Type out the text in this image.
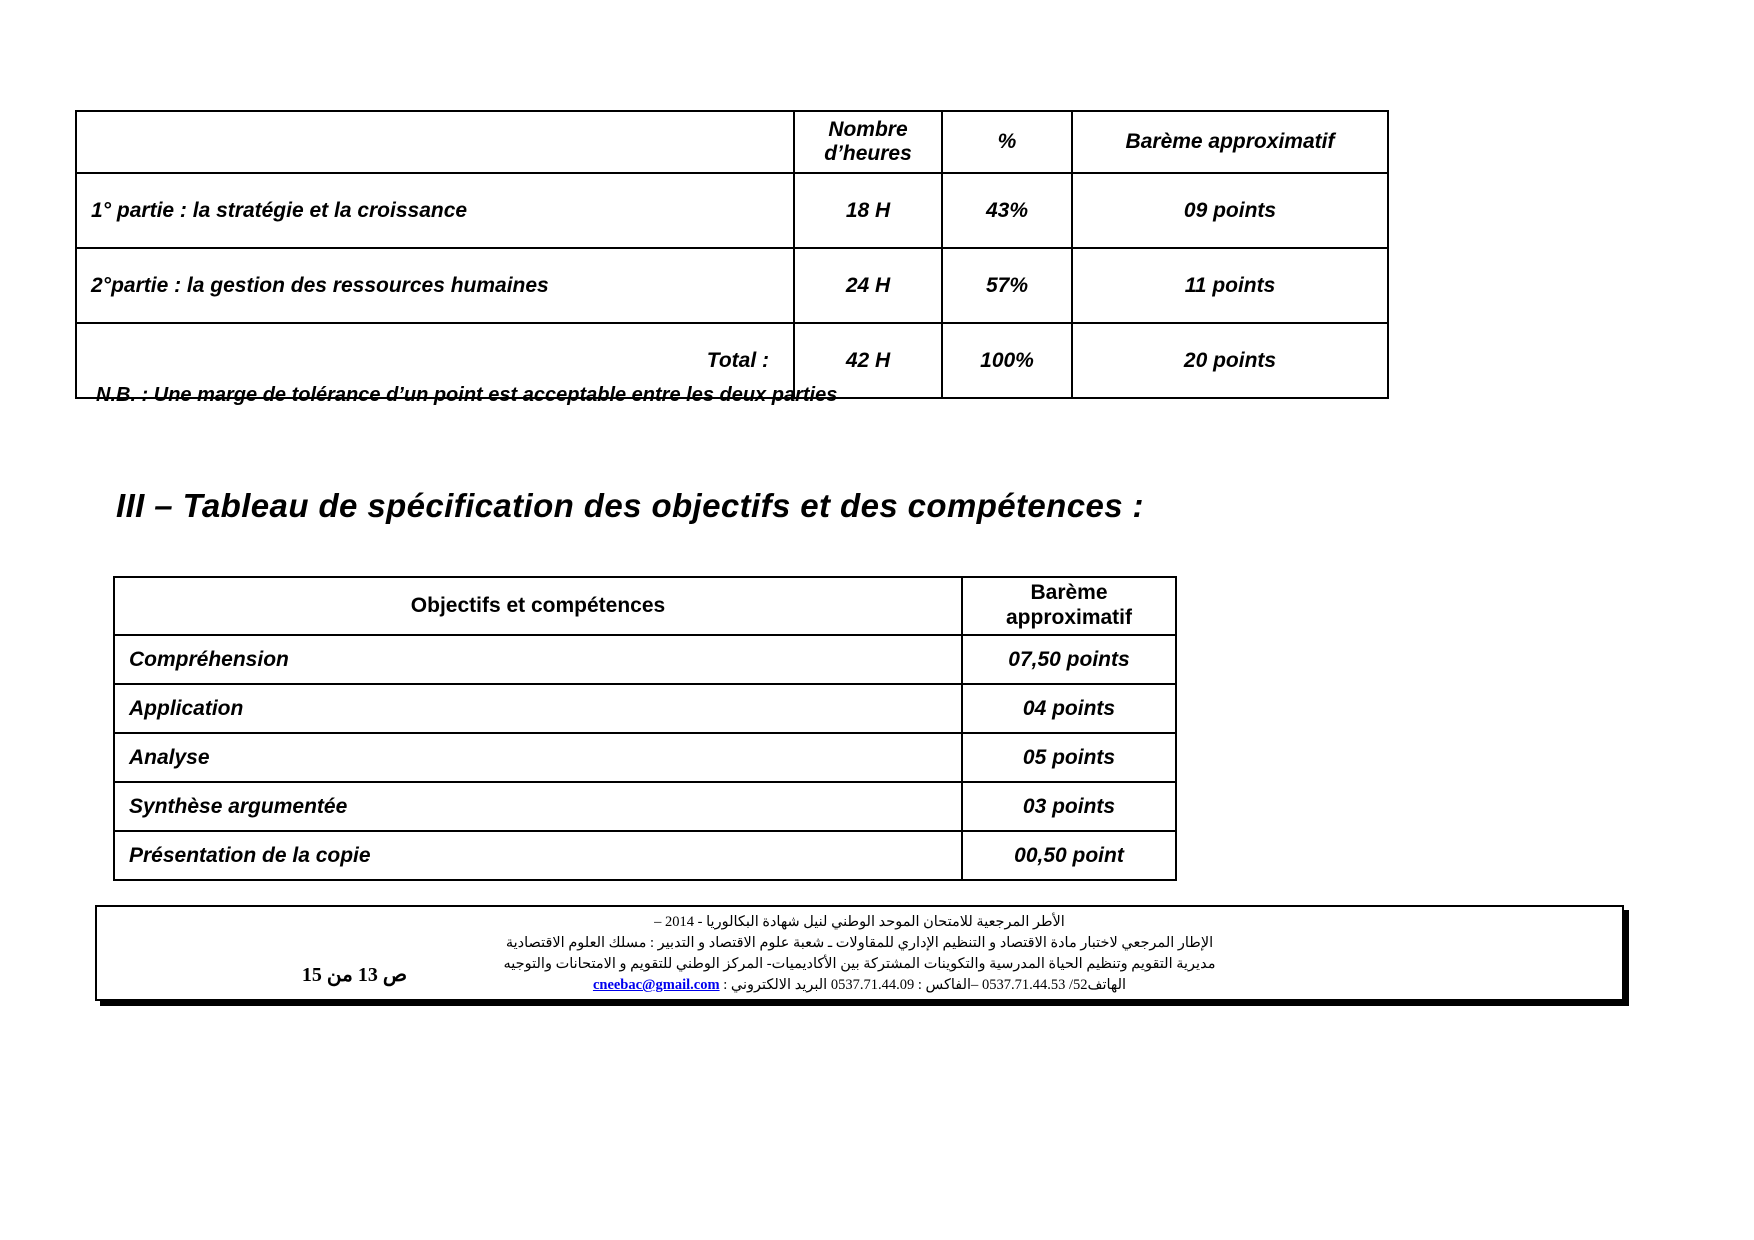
	Nombre
d’heures	%	Barème approximatif
1° partie : la stratégie et la croissance	18 H	43%	09 points
2°partie : la gestion des ressources humaines	24 H	57%	11 points
Total :	42 H	100%	20 points
N.B. : Une marge de tolérance d’un point est acceptable entre les deux parties
III – Tableau de spécification des objectifs et des compétences :
Objectifs et compétences	Barème
approximatif

Compréhension	07,50 points
Application	04 points
Analyse	05 points
Synthèse argumentée	03 points
Présentation de la copie	00,50 point
الأطر المرجعية للامتحان الموحد الوطني لنيل شهادة البكالوريا - 2014 –
الإطار المرجعي لاختبار مادة الاقتصاد و التنظيم الإداري للمقاولات ـ شعبة علوم الاقتصاد و التدبير : مسلك العلوم الاقتصادية
مديرية التقويم وتنظيم الحياة المدرسية والتكوينات المشتركة بين الأكاديميات- المركز الوطني للتقويم و الامتحانات والتوجيه
الهاتف52/ 0537.71.44.53 –الفاكس : 0537.71.44.09 البريد الالكتروني : cneebac@gmail.com
ص 13 من 15
